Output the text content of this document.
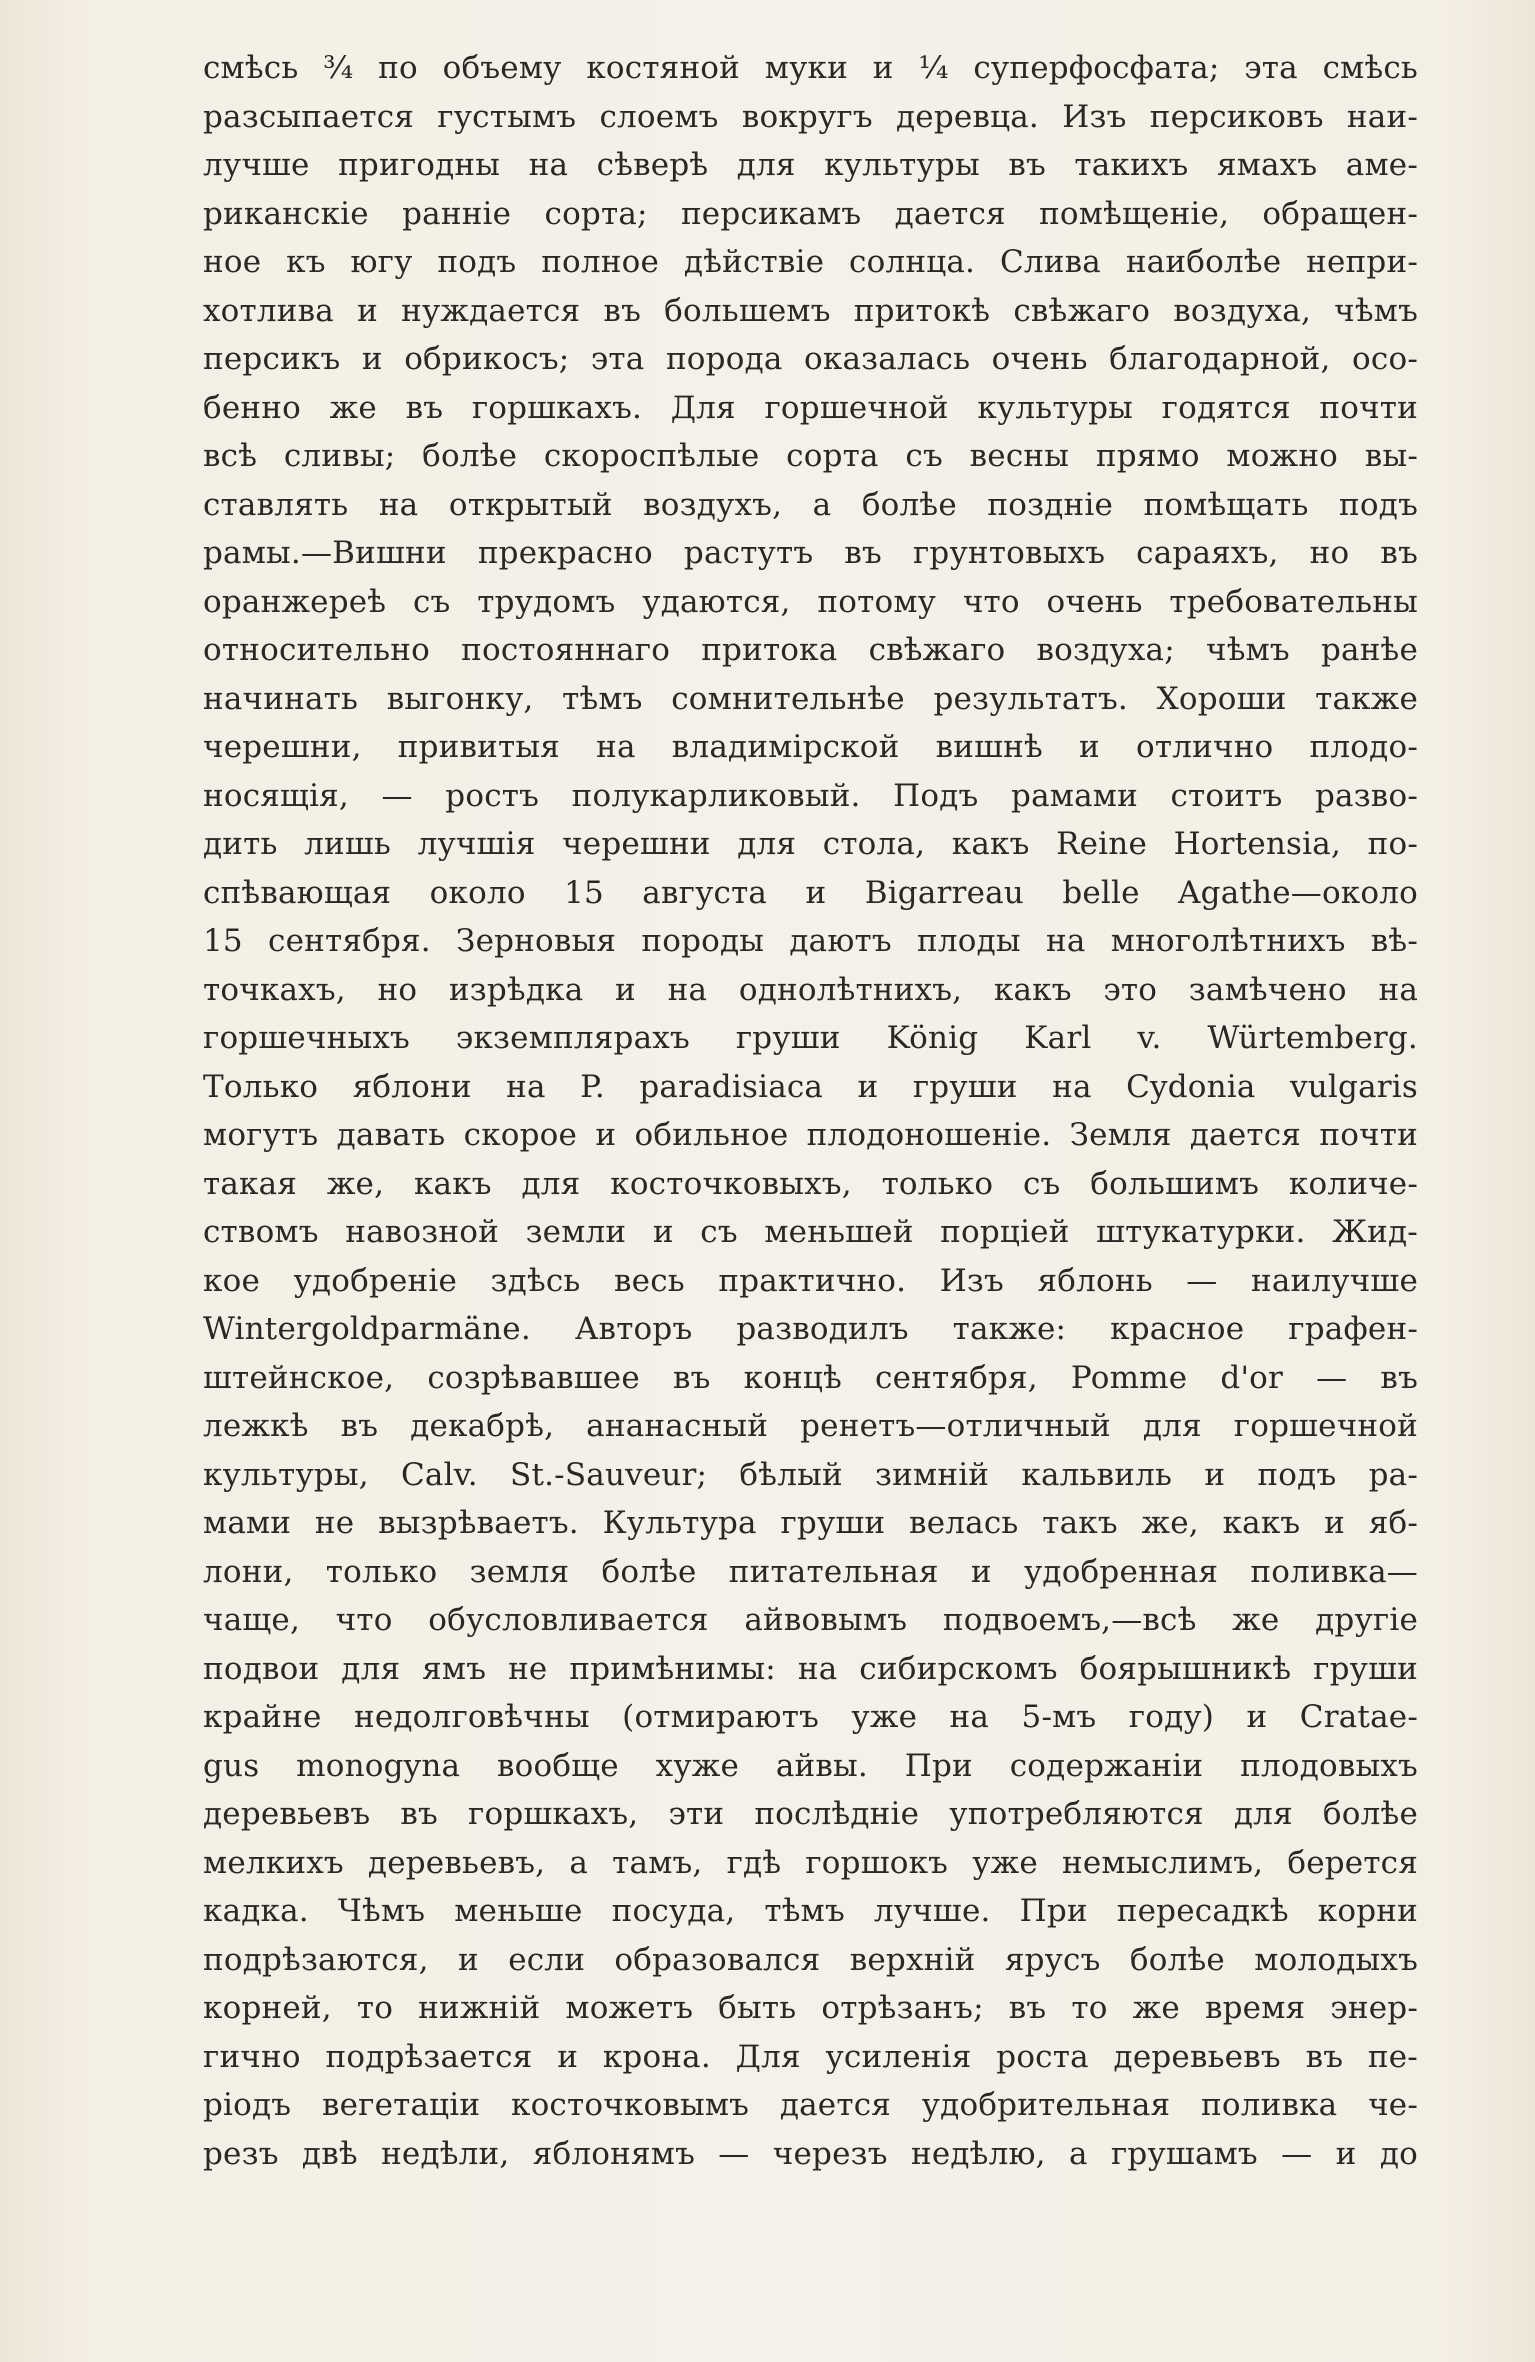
смѣсь ¾ по объему костяной муки и ¼ суперфосфата; эта смѣсь
разсыпается густымъ слоемъ вокругъ деревца. Изъ персиковъ наи-
лучше пригодны на сѣверѣ для культуры въ такихъ ямахъ аме-
риканскіе ранніе сорта; персикамъ дается помѣщеніе, обращен-
ное къ югу подъ полное дѣйствіе солнца. Слива наиболѣе непри-
хотлива и нуждается въ большемъ притокѣ свѣжаго воздуха, чѣмъ
персикъ и обрикосъ; эта порода оказалась очень благодарной, осо-
бенно же въ горшкахъ. Для горшечной культуры годятся почти
всѣ сливы; болѣе скороспѣлые сорта съ весны прямо можно вы-
ставлять на открытый воздухъ, а болѣе поздніе помѣщать подъ
рамы.—Вишни прекрасно растутъ въ грунтовыхъ сараяхъ, но въ
оранжереѣ съ трудомъ удаются, потому что очень требовательны
относительно постояннаго притока свѣжаго воздуха; чѣмъ ранѣе
начинать выгонку, тѣмъ сомнительнѣе результатъ. Хороши также
черешни, привитыя на владимірской вишнѣ и отлично плодо-
носящія, — ростъ полукарликовый. Подъ рамами стоитъ разво-
дить лишь лучшія черешни для стола, какъ Reine Hortensia, по-
спѣвающая около 15 августа и Bigarreau belle Agathe—около
15 сентября. Зерновыя породы даютъ плоды на многолѣтнихъ вѣ-
точкахъ, но изрѣдка и на однолѣтнихъ, какъ это замѣчено на
горшечныхъ экземплярахъ груши König Karl v. Würtemberg.
Только яблони на P. paradisiaca и груши на Cydonia vulgaris
могутъ давать скорое и обильное плодоношеніе. Земля дается почти
такая же, какъ для косточковыхъ, только съ большимъ количе-
ствомъ навозной земли и съ меньшей порціей штукатурки. Жид-
кое удобреніе здѣсь весь практично. Изъ яблонь — наилучше
Wintergoldparmäne. Авторъ разводилъ также: красное графен-
штейнское, созрѣвавшее въ концѣ сентября, Pomme d'or — въ
лежкѣ въ декабрѣ, ананасный ренетъ—отличный для горшечной
культуры, Calv. St.-Sauveur; бѣлый зимній кальвиль и подъ ра-
мами не вызрѣваетъ. Культура груши велась такъ же, какъ и яб-
лони, только земля болѣе питательная и удобренная поливка—
чаще, что обусловливается айвовымъ подвоемъ,—всѣ же другіе
подвои для ямъ не примѣнимы: на сибирскомъ боярышникѣ груши
крайне недолговѣчны (отмираютъ уже на 5-мъ году) и Cratae-
gus monogyna вообще хуже айвы. При содержаніи плодовыхъ
деревьевъ въ горшкахъ, эти послѣдніе употребляются для болѣе
мелкихъ деревьевъ, а тамъ, гдѣ горшокъ уже немыслимъ, берется
кадка. Чѣмъ меньше посуда, тѣмъ лучше. При пересадкѣ корни
подрѣзаются, и если образовался верхній ярусъ болѣе молодыхъ
корней, то нижній можетъ быть отрѣзанъ; въ то же время энер-
гично подрѣзается и крона. Для усиленія роста деревьевъ въ пе-
ріодъ вегетаціи косточковымъ дается удобрительная поливка че-
резъ двѣ недѣли, яблонямъ — черезъ недѣлю, а грушамъ — и до
